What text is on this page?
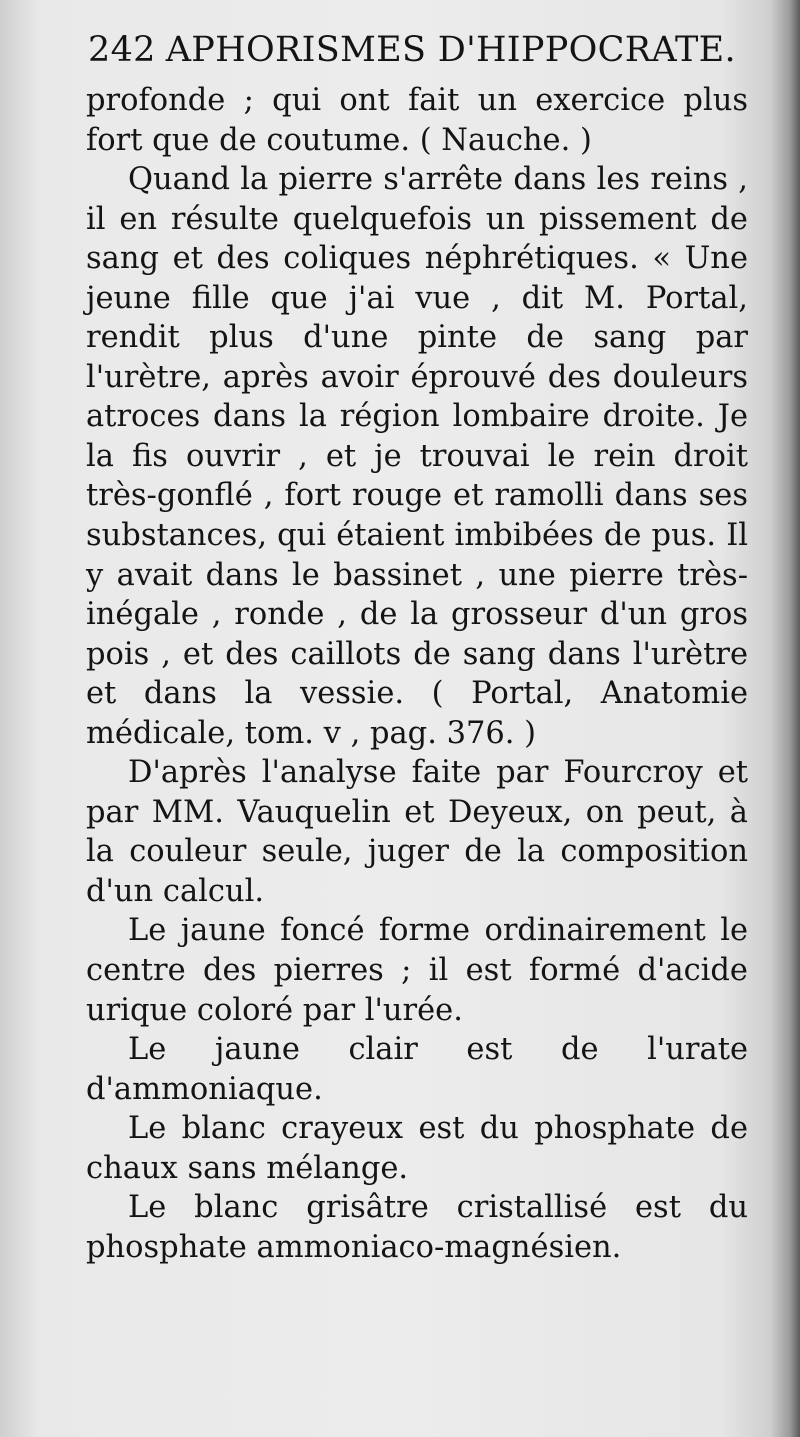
242 APHORISMES D'HIPPOCRATE.

profonde ; qui ont fait un exercice plus fort que de coutume. ( Nauche. )

Quand la pierre s'arrête dans les reins , il en résulte quelquefois un pissement de sang et des coliques néphrétiques. « Une jeune fille que j'ai vue , dit M. Portal, rendit plus d'une pinte de sang par l'urètre, après avoir éprouvé des douleurs atroces dans la région lombaire droite. Je la fis ouvrir , et je trouvai le rein droit très-gonflé , fort rouge et ramolli dans ses substances, qui étaient imbibées de pus. Il y avait dans le bassinet , une pierre très-inégale , ronde , de la grosseur d'un gros pois , et des caillots de sang dans l'urètre et dans la vessie. ( Portal, Anatomie médicale, tom. v , pag. 376. )

D'après l'analyse faite par Fourcroy et par MM. Vauquelin et Deyeux, on peut, à la couleur seule, juger de la composition d'un calcul.

Le jaune foncé forme ordinairement le centre des pierres ; il est formé d'acide urique coloré par l'urée.

Le jaune clair est de l'urate d'ammoniaque.

Le blanc crayeux est du phosphate de chaux sans mélange.

Le blanc grisâtre cristallisé est du phosphate ammoniaco-magnésien.
